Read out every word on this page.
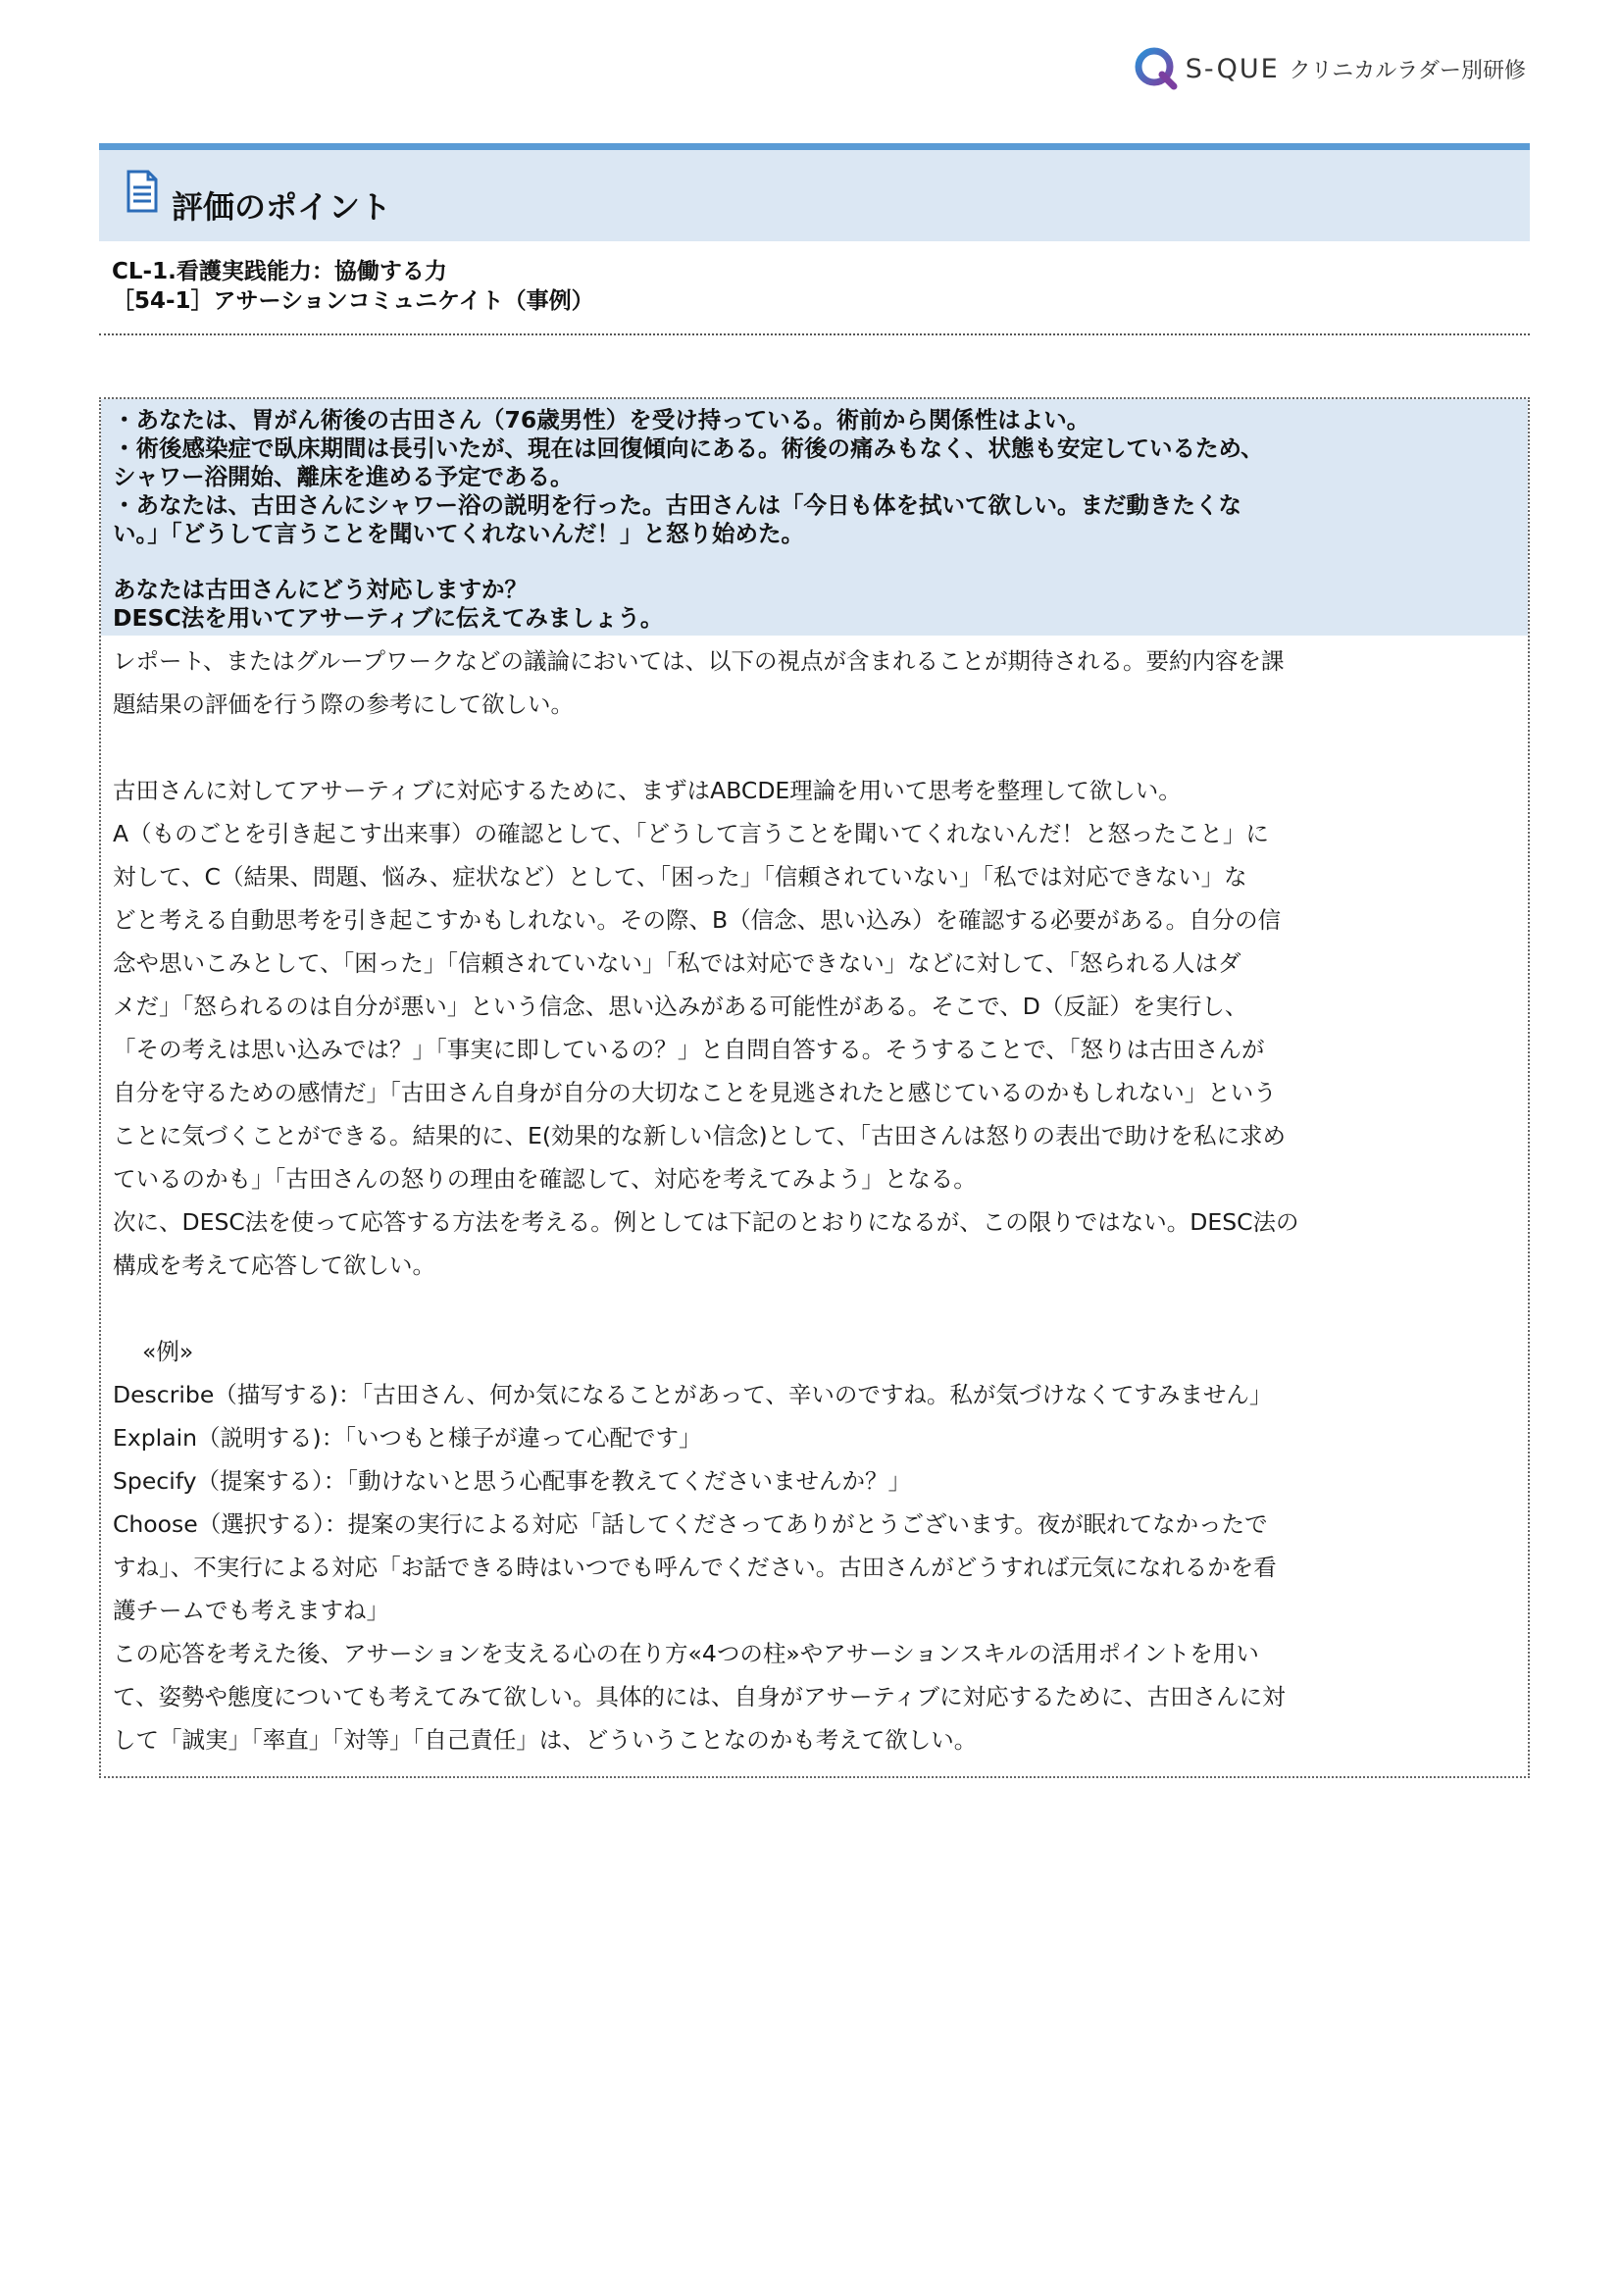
S-QUE クリニカルラダー別研修
評価のポイント
CL-1.看護実践能力：協働する力
［54-1］アサーションコミュニケイト（事例）
・あなたは、胃がん術後の古田さん（76歳男性）を受け持っている。術前から関係性はよい。
・術後感染症で臥床期間は長引いたが、現在は回復傾向にある。術後の痛みもなく、状態も安定しているため、
シャワー浴開始、離床を進める予定である。
・あなたは、古田さんにシャワー浴の説明を行った。古田さんは「今日も体を拭いて欲しい。まだ動きたくな
い。」「どうして言うことを聞いてくれないんだ！」と怒り始めた。
あなたは古田さんにどう対応しますか？
DESC法を用いてアサーティブに伝えてみましょう。
レポート、またはグループワークなどの議論においては、以下の視点が含まれることが期待される。要約内容を課
題結果の評価を行う際の参考にして欲しい。
古田さんに対してアサーティブに対応するために、まずはABCDE理論を用いて思考を整理して欲しい。
A（ものごとを引き起こす出来事）の確認として、「どうして言うことを聞いてくれないんだ！と怒ったこと」に
対して、C（結果、問題、悩み、症状など）として、「困った」「信頼されていない」「私では対応できない」な
どと考える自動思考を引き起こすかもしれない。その際、B（信念、思い込み）を確認する必要がある。自分の信
念や思いこみとして、「困った」「信頼されていない」「私では対応できない」などに対して、「怒られる人はダ
メだ」「怒られるのは自分が悪い」という信念、思い込みがある可能性がある。そこで、D（反証）を実行し、
「その考えは思い込みでは？」「事実に即しているの？」と自問自答する。そうすることで、「怒りは古田さんが
自分を守るための感情だ」「古田さん自身が自分の大切なことを見逃されたと感じているのかもしれない」という
ことに気づくことができる。結果的に、E(効果的な新しい信念)として、「古田さんは怒りの表出で助けを私に求め
ているのかも」「古田さんの怒りの理由を確認して、対応を考えてみよう」となる。
次に、DESC法を使って応答する方法を考える。例としては下記のとおりになるが、この限りではない。DESC法の
構成を考えて応答して欲しい。
«例»
Describe（描写する)：「古田さん、何か気になることがあって、辛いのですね。私が気づけなくてすみません」
Explain（説明する)：「いつもと様子が違って心配です」
Specify（提案する）：「動けないと思う心配事を教えてくださいませんか？」
Choose（選択する）：提案の実行による対応「話してくださってありがとうございます。夜が眠れてなかったで
すね」、不実行による対応「お話できる時はいつでも呼んでください。古田さんがどうすれば元気になれるかを看
護チームでも考えますね」
この応答を考えた後、アサーションを支える心の在り方«4つの柱»やアサーションスキルの活用ポイントを用い
て、姿勢や態度についても考えてみて欲しい。具体的には、自身がアサーティブに対応するために、古田さんに対
して「誠実」「率直」「対等」「自己責任」は、どういうことなのかも考えて欲しい。
